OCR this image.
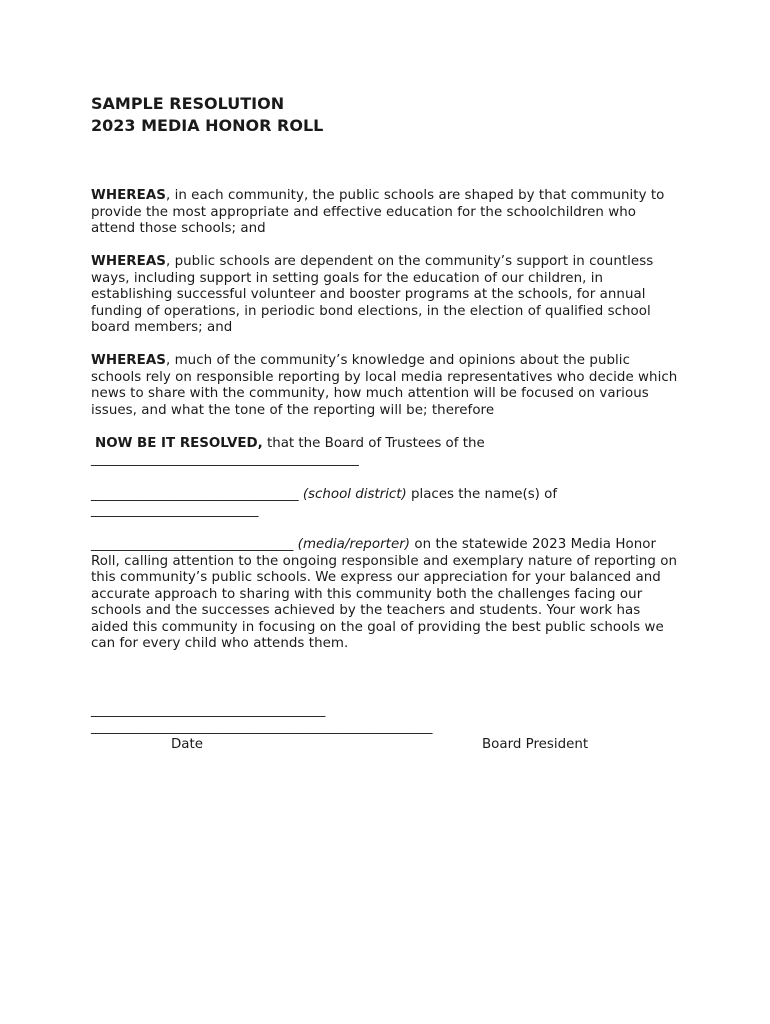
SAMPLE RESOLUTION
2023 MEDIA HONOR ROLL

WHEREAS, in each community, the public schools are shaped by that community to provide the most appropriate and effective education for the schoolchildren who attend those schools; and

WHEREAS, public schools are dependent on the community’s support in countless ways, including support in setting goals for the education of our children, in establishing successful volunteer and booster programs at the schools, for annual funding of operations, in periodic bond elections, in the election of qualified school board members; and

WHEREAS, much of the community’s knowledge and opinions about the public schools rely on responsible reporting by local media representatives who decide which news to share with the community, how much attention will be focused on various issues, and what the tone of the reporting will be; therefore

NOW BE IT RESOLVED, that the Board of Trustees of the
________________________________________
_______________________________ (school district) places the name(s) of
_________________________

______________________________ (media/reporter) on the statewide 2023 Media Honor Roll, calling attention to the ongoing responsible and exemplary nature of reporting on this community’s public schools. We express our appreciation for your balanced and accurate approach to sharing with this community both the challenges facing our schools and the successes achieved by the teachers and students. Your work has aided this community in focusing on the goal of providing the best public schools we can for every child who attends them.

___________________________________
___________________________________________________
Date	Board President
